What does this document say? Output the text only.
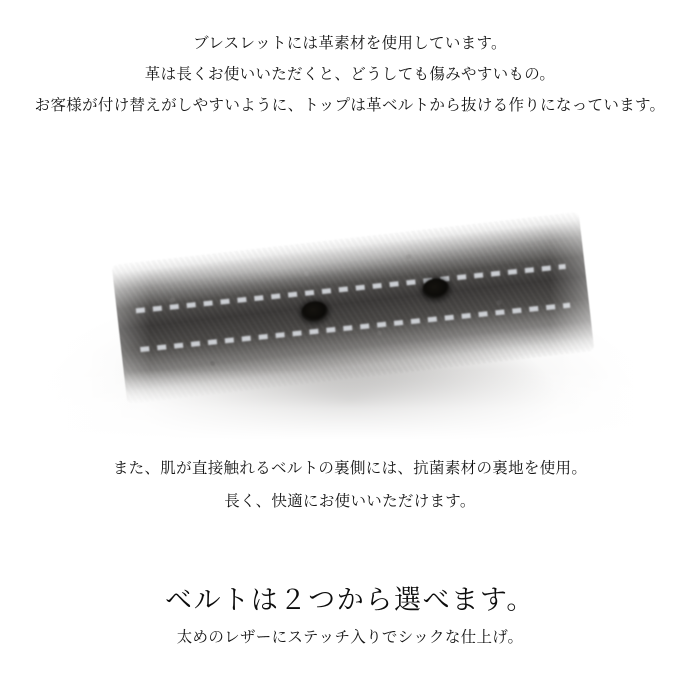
ブレスレットには革素材を使用しています。
革は長くお使いいただくと、どうしても傷みやすいもの。
お客様が付け替えがしやすいように、トップは革ベルトから抜ける作りになっています。
また、肌が直接触れるベルトの裏側には、抗菌素材の裏地を使用。
長く、快適にお使いいただけます。
ベルトは２つから選べます。
太めのレザーにステッチ入りでシックな仕上げ。
